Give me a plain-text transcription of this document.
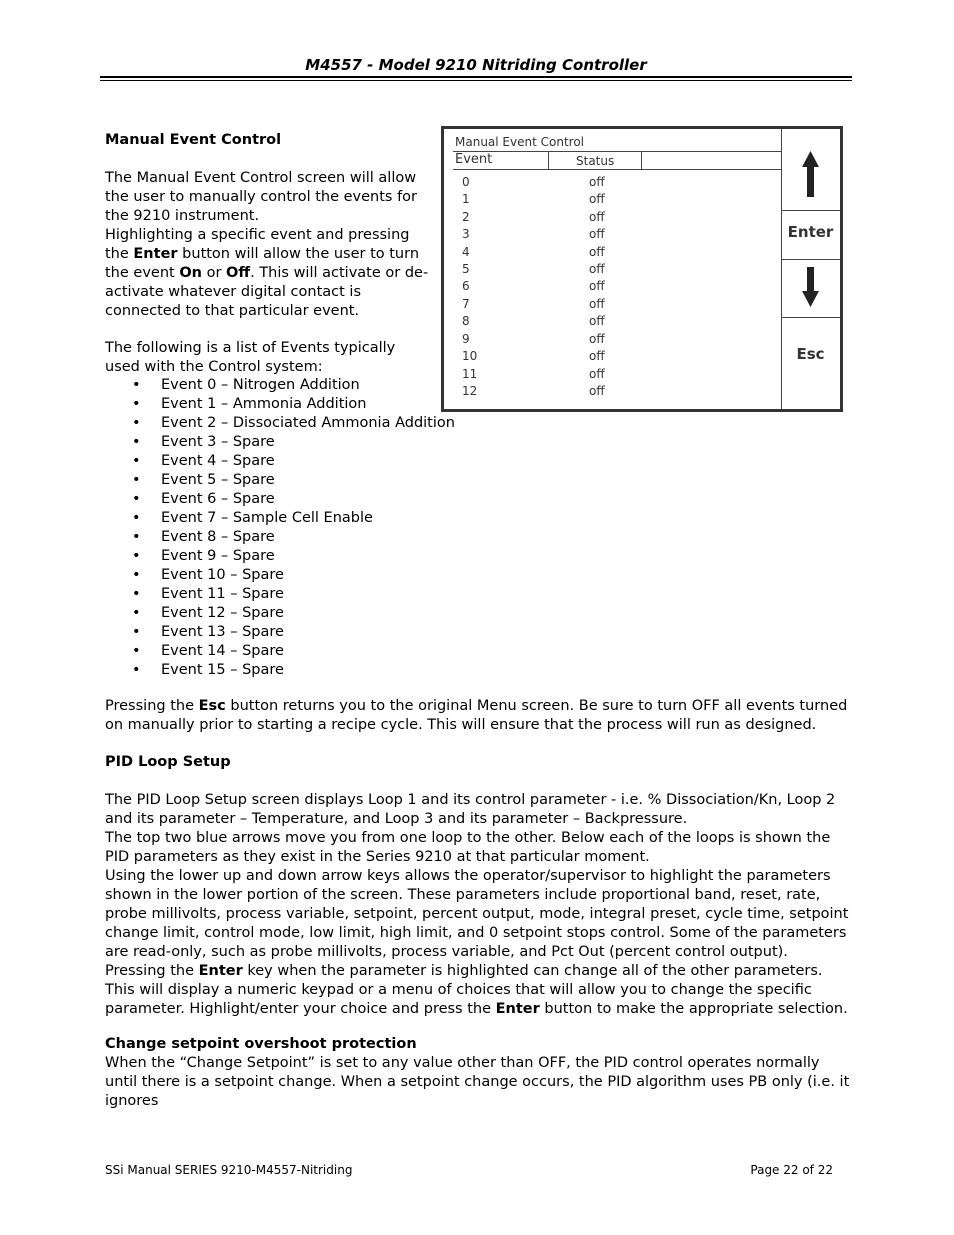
M4557 - Model 9210 Nitriding Controller
Manual Event Control

The Manual Event Control screen will allow the user to manually control the events for the 9210 instrument.

Highlighting a specific event and pressing the Enter button will allow the user to turn the event On or Off. This will activate or de-activate whatever digital contact is connected to that particular event.

The following is a list of Events typically used with the Control system:
• Event 0 – Nitrogen Addition
• Event 1 – Ammonia Addition
• Event 2 – Dissociated Ammonia Addition
• Event 3 – Spare
• Event 4 – Spare
• Event 5 – Spare
• Event 6 – Spare
• Event 7 – Sample Cell Enable
• Event 8 – Spare
• Event 9 – Spare
• Event 10 – Spare
• Event 11 – Spare
• Event 12 – Spare
• Event 13 – Spare
• Event 14 – Spare
• Event 15 – Spare
Pressing the Esc button returns you to the original Menu screen. Be sure to turn OFF all events turned on manually prior to starting a recipe cycle. This will ensure that the process will run as designed.
Manual Event Control
Event	Status
0	off
1	off
2	off
3	off
4	off
5	off
6	off
7	off
8	off
9	off
10	off
11	off
12	off
Enter
Esc
PID Loop Setup

The PID Loop Setup screen displays Loop 1 and its control parameter - i.e. % Dissociation/Kn, Loop 2 and its parameter – Temperature, and Loop 3 and its parameter – Backpressure.

The top two blue arrows move you from one loop to the other. Below each of the loops is shown the PID parameters as they exist in the Series 9210 at that particular moment.

Using the lower up and down arrow keys allows the operator/supervisor to highlight the parameters shown in the lower portion of the screen. These parameters include proportional band, reset, rate, probe millivolts, process variable, setpoint, percent output, mode, integral preset, cycle time, setpoint change limit, control mode, low limit, high limit, and 0 setpoint stops control. Some of the parameters are read-only, such as probe millivolts, process variable, and Pct Out (percent control output). Pressing the Enter key when the parameter is highlighted can change all of the other parameters. This will display a numeric keypad or a menu of choices that will allow you to change the specific parameter. Highlight/enter your choice and press the Enter button to make the appropriate selection.

Change setpoint overshoot protection
When the “Change Setpoint” is set to any value other than OFF, the PID control operates normally until there is a setpoint change. When a setpoint change occurs, the PID algorithm uses PB only (i.e. it ignores
SSi Manual SERIES 9210-M4557-Nitriding	Page 22 of 22
